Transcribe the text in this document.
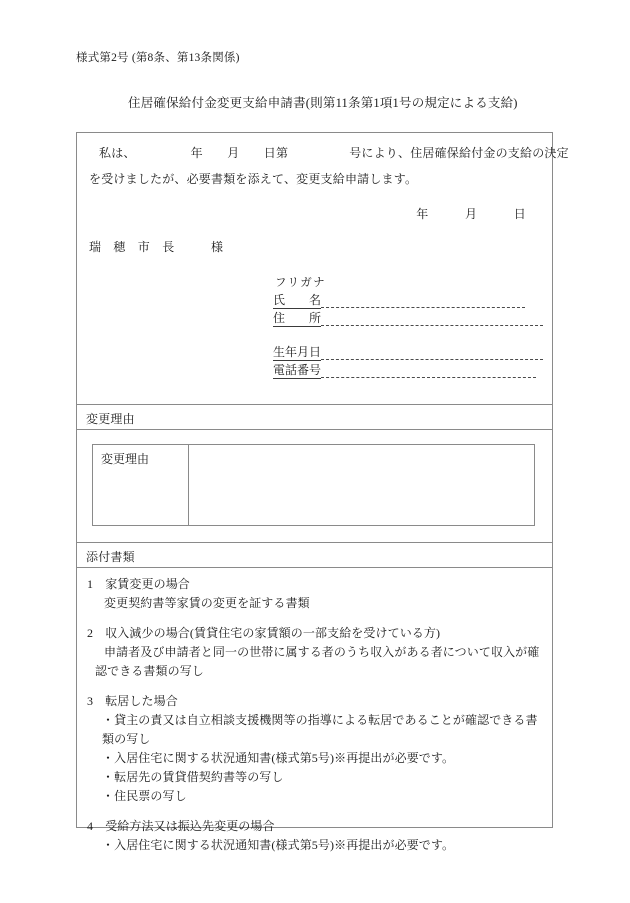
様式第2号 (第8条、第13条関係)
住居確保給付金変更支給申請書(則第11条第1項1号の規定による支給)
私は、　　　　　年　　月　　日第　　　　　号により、住居確保給付金の支給の決定
を受けましたが、必要書類を添えて、変更支給申請します。
年　　　月　　　日
瑞　穂　市　長　　　様
フリガナ
氏　　名
住　　所
生年月日
電話番号
変更理由
変更理由
添付書類
1　家賃変更の場合
変更契約書等家賃の変更を証する書類
2　収入減少の場合(賃貸住宅の家賃額の一部支給を受けている方)
申請者及び申請者と同一の世帯に属する者のうち収入がある者について収入が確認できる書類の写し
3　転居した場合
・貸主の責又は自立相談支援機関等の指導による転居であることが確認できる書類の写し
・入居住宅に関する状況通知書(様式第5号)※再提出が必要です。
・転居先の賃貸借契約書等の写し
・住民票の写し
4　受給方法又は振込先変更の場合
・入居住宅に関する状況通知書(様式第5号)※再提出が必要です。
